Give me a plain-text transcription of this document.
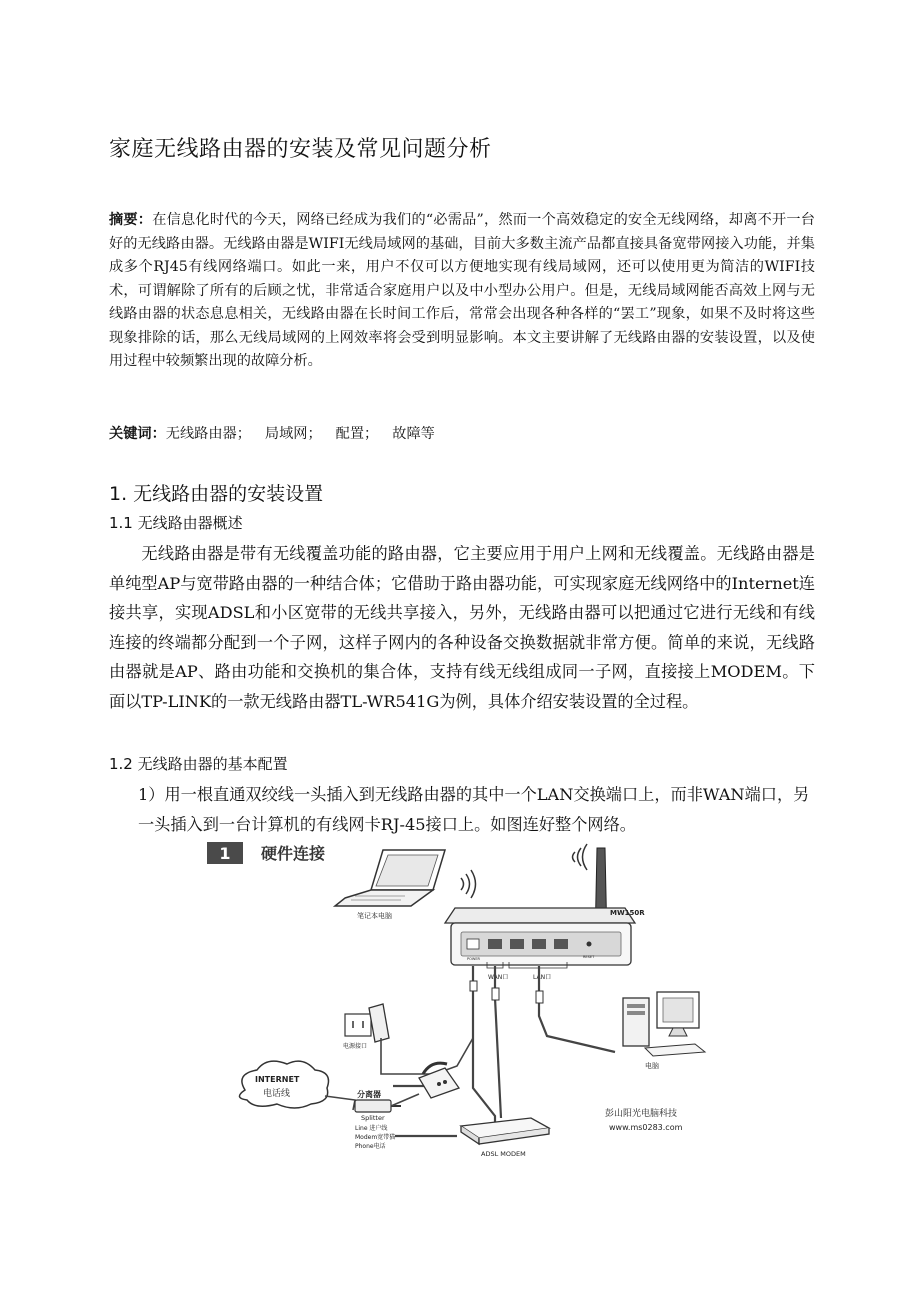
家庭无线路由器的安装及常见问题分析
摘要：在信息化时代的今天，网络已经成为我们的“必需品”，然而一个高效稳定的安全无线网络，却离不开一台好的无线路由器。无线路由器是WIFI无线局域网的基础，目前大多数主流产品都直接具备宽带网接入功能，并集成多个RJ45有线网络端口。如此一来，用户不仅可以方便地实现有线局域网，还可以使用更为简洁的WIFI技术，可谓解除了所有的后顾之忧，非常适合家庭用户以及中小型办公用户。但是，无线局域网能否高效上网与无线路由器的状态息息相关，无线路由器在长时间工作后，常常会出现各种各样的“罢工”现象，如果不及时将这些现象排除的话，那么无线局域网的上网效率将会受到明显影响。本文主要讲解了无线路由器的安装设置，以及使用过程中较频繁出现的故障分析。
关键词：无线路由器； 局域网； 配置； 故障等
1. 无线路由器的安装设置
1.1 无线路由器概述
无线路由器是带有无线覆盖功能的路由器，它主要应用于用户上网和无线覆盖。无线路由器是单纯型AP与宽带路由器的一种结合体；它借助于路由器功能，可实现家庭无线网络中的Internet连接共享，实现ADSL和小区宽带的无线共享接入，另外，无线路由器可以把通过它进行无线和有线连接的终端都分配到一个子网，这样子网内的各种设备交换数据就非常方便。简单的来说，无线路由器就是AP、路由功能和交换机的集合体，支持有线无线组成同一子网，直接接上MODEM。下面以TP-LINK的一款无线路由器TL-WR541G为例，具体介绍安装设置的全过程。
1.2 无线路由器的基本配置
1）用一根直通双绞线一头插入到无线路由器的其中一个LAN交换端口上，而非WAN端口，另一头插入到一台计算机的有线网卡RJ-45接口上。如图连好整个网络。
1 硬件连接
笔记本电脑	MW150R
POWER	RESET
WAN口	LAN口
电源接口
电脑
INTERNET
电话线	分离器
Splitter
Line 进户线
Modem宽带猫
Phone电话
ADSL MODEM
彭山阳光电脑科技
www.ms0283.com
